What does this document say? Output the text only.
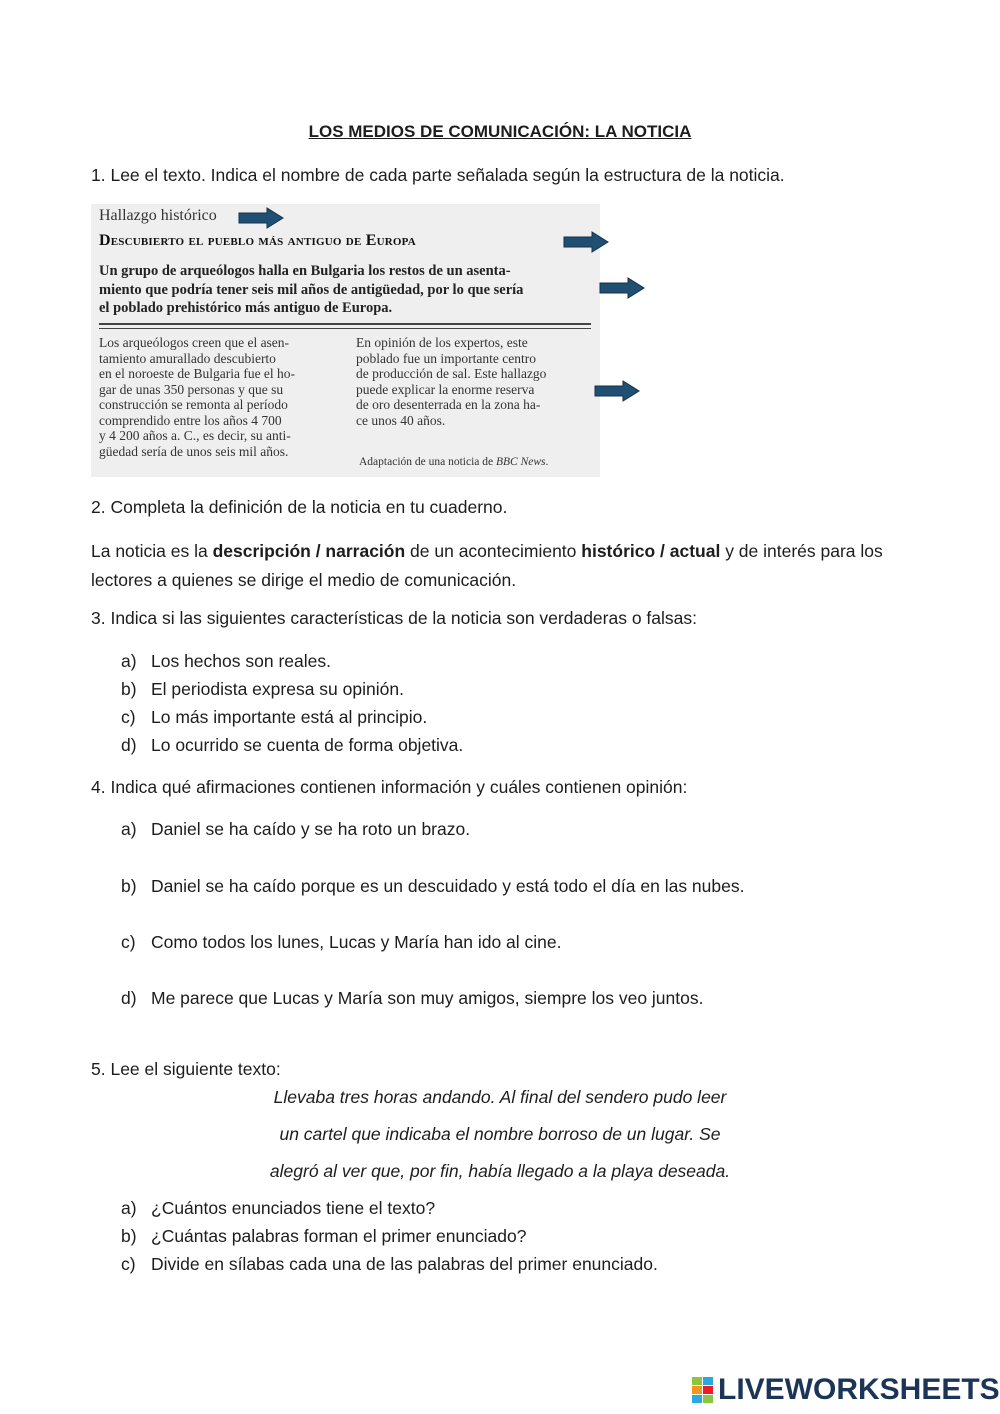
LOS MEDIOS DE COMUNICACIÓN: LA NOTICIA
1. Lee el texto. Indica el nombre de cada parte señalada según la estructura de la noticia.
Hallazgo histórico
Descubierto el pueblo más antiguo de Europa
Un grupo de arqueólogos halla en Bulgaria los restos de un asenta-
miento que podría tener seis mil años de antigüedad, por lo que sería
el poblado prehistórico más antiguo de Europa.
Los arqueólogos creen que el asen-
tamiento amurallado descubierto
en el noroeste de Bulgaria fue el ho-
gar de unas 350 personas y que su
construcción se remonta al período
comprendido entre los años 4 700
y 4 200 años a. C., es decir, su anti-
güedad sería de unos seis mil años.
En opinión de los expertos, este
poblado fue un importante centro
de producción de sal. Este hallazgo
puede explicar la enorme reserva
de oro desenterrada en la zona ha-
ce unos 40 años.
Adaptación de una noticia de BBC News.
2. Completa la definición de la noticia en tu cuaderno.
La noticia es la descripción / narración de un acontecimiento histórico / actual y de interés para los lectores a quienes se dirige el medio de comunicación.
3. Indica si las siguientes características de la noticia son verdaderas o falsas:
a) Los hechos son reales.
b) El periodista expresa su opinión.
c) Lo más importante está al principio.
d) Lo ocurrido se cuenta de forma objetiva.
4. Indica qué afirmaciones contienen información y cuáles contienen opinión:
a) Daniel se ha caído y se ha roto un brazo.
b) Daniel se ha caído porque es un descuidado y está todo el día en las nubes.
c) Como todos los lunes, Lucas y María han ido al cine.
d) Me parece que Lucas y María son muy amigos, siempre los veo juntos.
5. Lee el siguiente texto:
Llevaba tres horas andando. Al final del sendero pudo leer
un cartel que indicaba el nombre borroso de un lugar. Se
alegró al ver que, por fin, había llegado a la playa deseada.
a) ¿Cuántos enunciados tiene el texto?
b) ¿Cuántas palabras forman el primer enunciado?
c) Divide en sílabas cada una de las palabras del primer enunciado.
LIVEWORKSHEETS
